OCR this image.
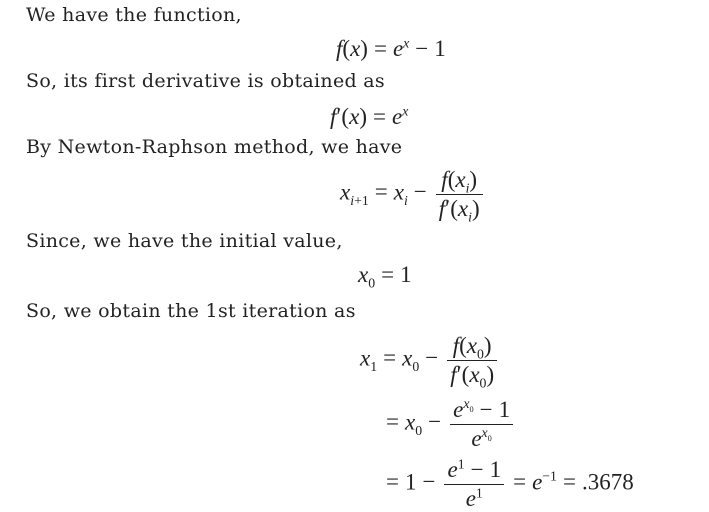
We have the function,
$f(x) = e^x - 1$
So, its first derivative is obtained as
$f'(x) = e^x$
By Newton-Raphson method, we have
$x_{i+1} = x_i - \frac{f(x_i)}{f'(x_i)}$
Since, we have the initial value,
$x_0 = 1$
So, we obtain the 1st iteration as
$x_1 = x_0 - \frac{f(x_0)}{f'(x_0)}$
= $x_0 - \frac{e^{x_0} - 1}{e^{x_0}}$
= $1 - \frac{e^1 - 1}{e^1} = e^{-1} = .3678$
